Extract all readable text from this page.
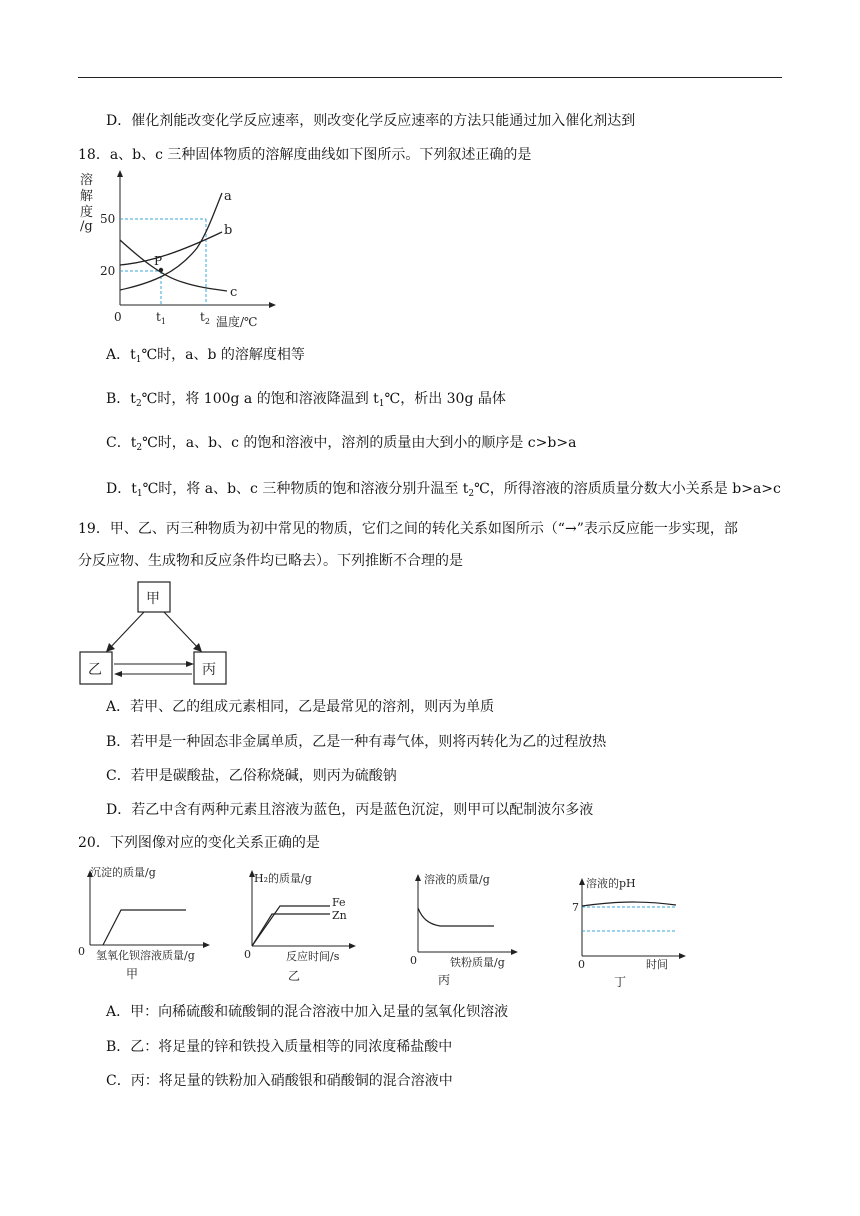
D．催化剂能改变化学反应速率，则改变化学反应速率的方法只能通过加入催化剂达到
18．a、b、c 三种固体物质的溶解度曲线如下图所示。下列叙述正确的是
溶
解
度
/g 50
20
0	$t_1$	$t_2$ 温度/℃
P
a
b
c
A．$t_1℃$时，a、b 的溶解度相等
B．$t_2℃$时，将 100g a 的饱和溶液降温到 $t_1℃$，析出 30g 晶体
C．$t_2℃$时，a、b、c 的饱和溶液中，溶剂的质量由大到小的顺序是 c>b>a
D．$t_1℃$时，将 a、b、c 三种物质的饱和溶液分别升温至 $t_2℃$，所得溶液的溶质质量分数大小关系是 b>a>c
19．甲、乙、丙三种物质为初中常见的物质，它们之间的转化关系如图所示（“→”表示反应能一步实现，部
分反应物、生成物和反应条件均已略去）。下列推断不合理的是
甲
乙	丙
A．若甲、乙的组成元素相同，乙是最常见的溶剂，则丙为单质
B．若甲是一种固态非金属单质，乙是一种有毒气体，则将丙转化为乙的过程放热
C．若甲是碳酸盐，乙俗称烧碱，则丙为硫酸钠
D．若乙中含有两种元素且溶液为蓝色，丙是蓝色沉淀，则甲可以配制波尔多液
20．下列图像对应的变化关系正确的是
沉淀的质量/g
0 氢氧化钡溶液质量/g
甲
H₂的质量/g
0	反应时间/s
乙
Fe
Zn
溶液的质量/g
0	铁粉质量/g
丙
溶液的pH
7
0	时间
丁
A．甲：向稀硫酸和硫酸铜的混合溶液中加入足量的氢氧化钡溶液
B．乙：将足量的锌和铁投入质量相等的同浓度稀盐酸中
C．丙：将足量的铁粉加入硝酸银和硝酸铜的混合溶液中
